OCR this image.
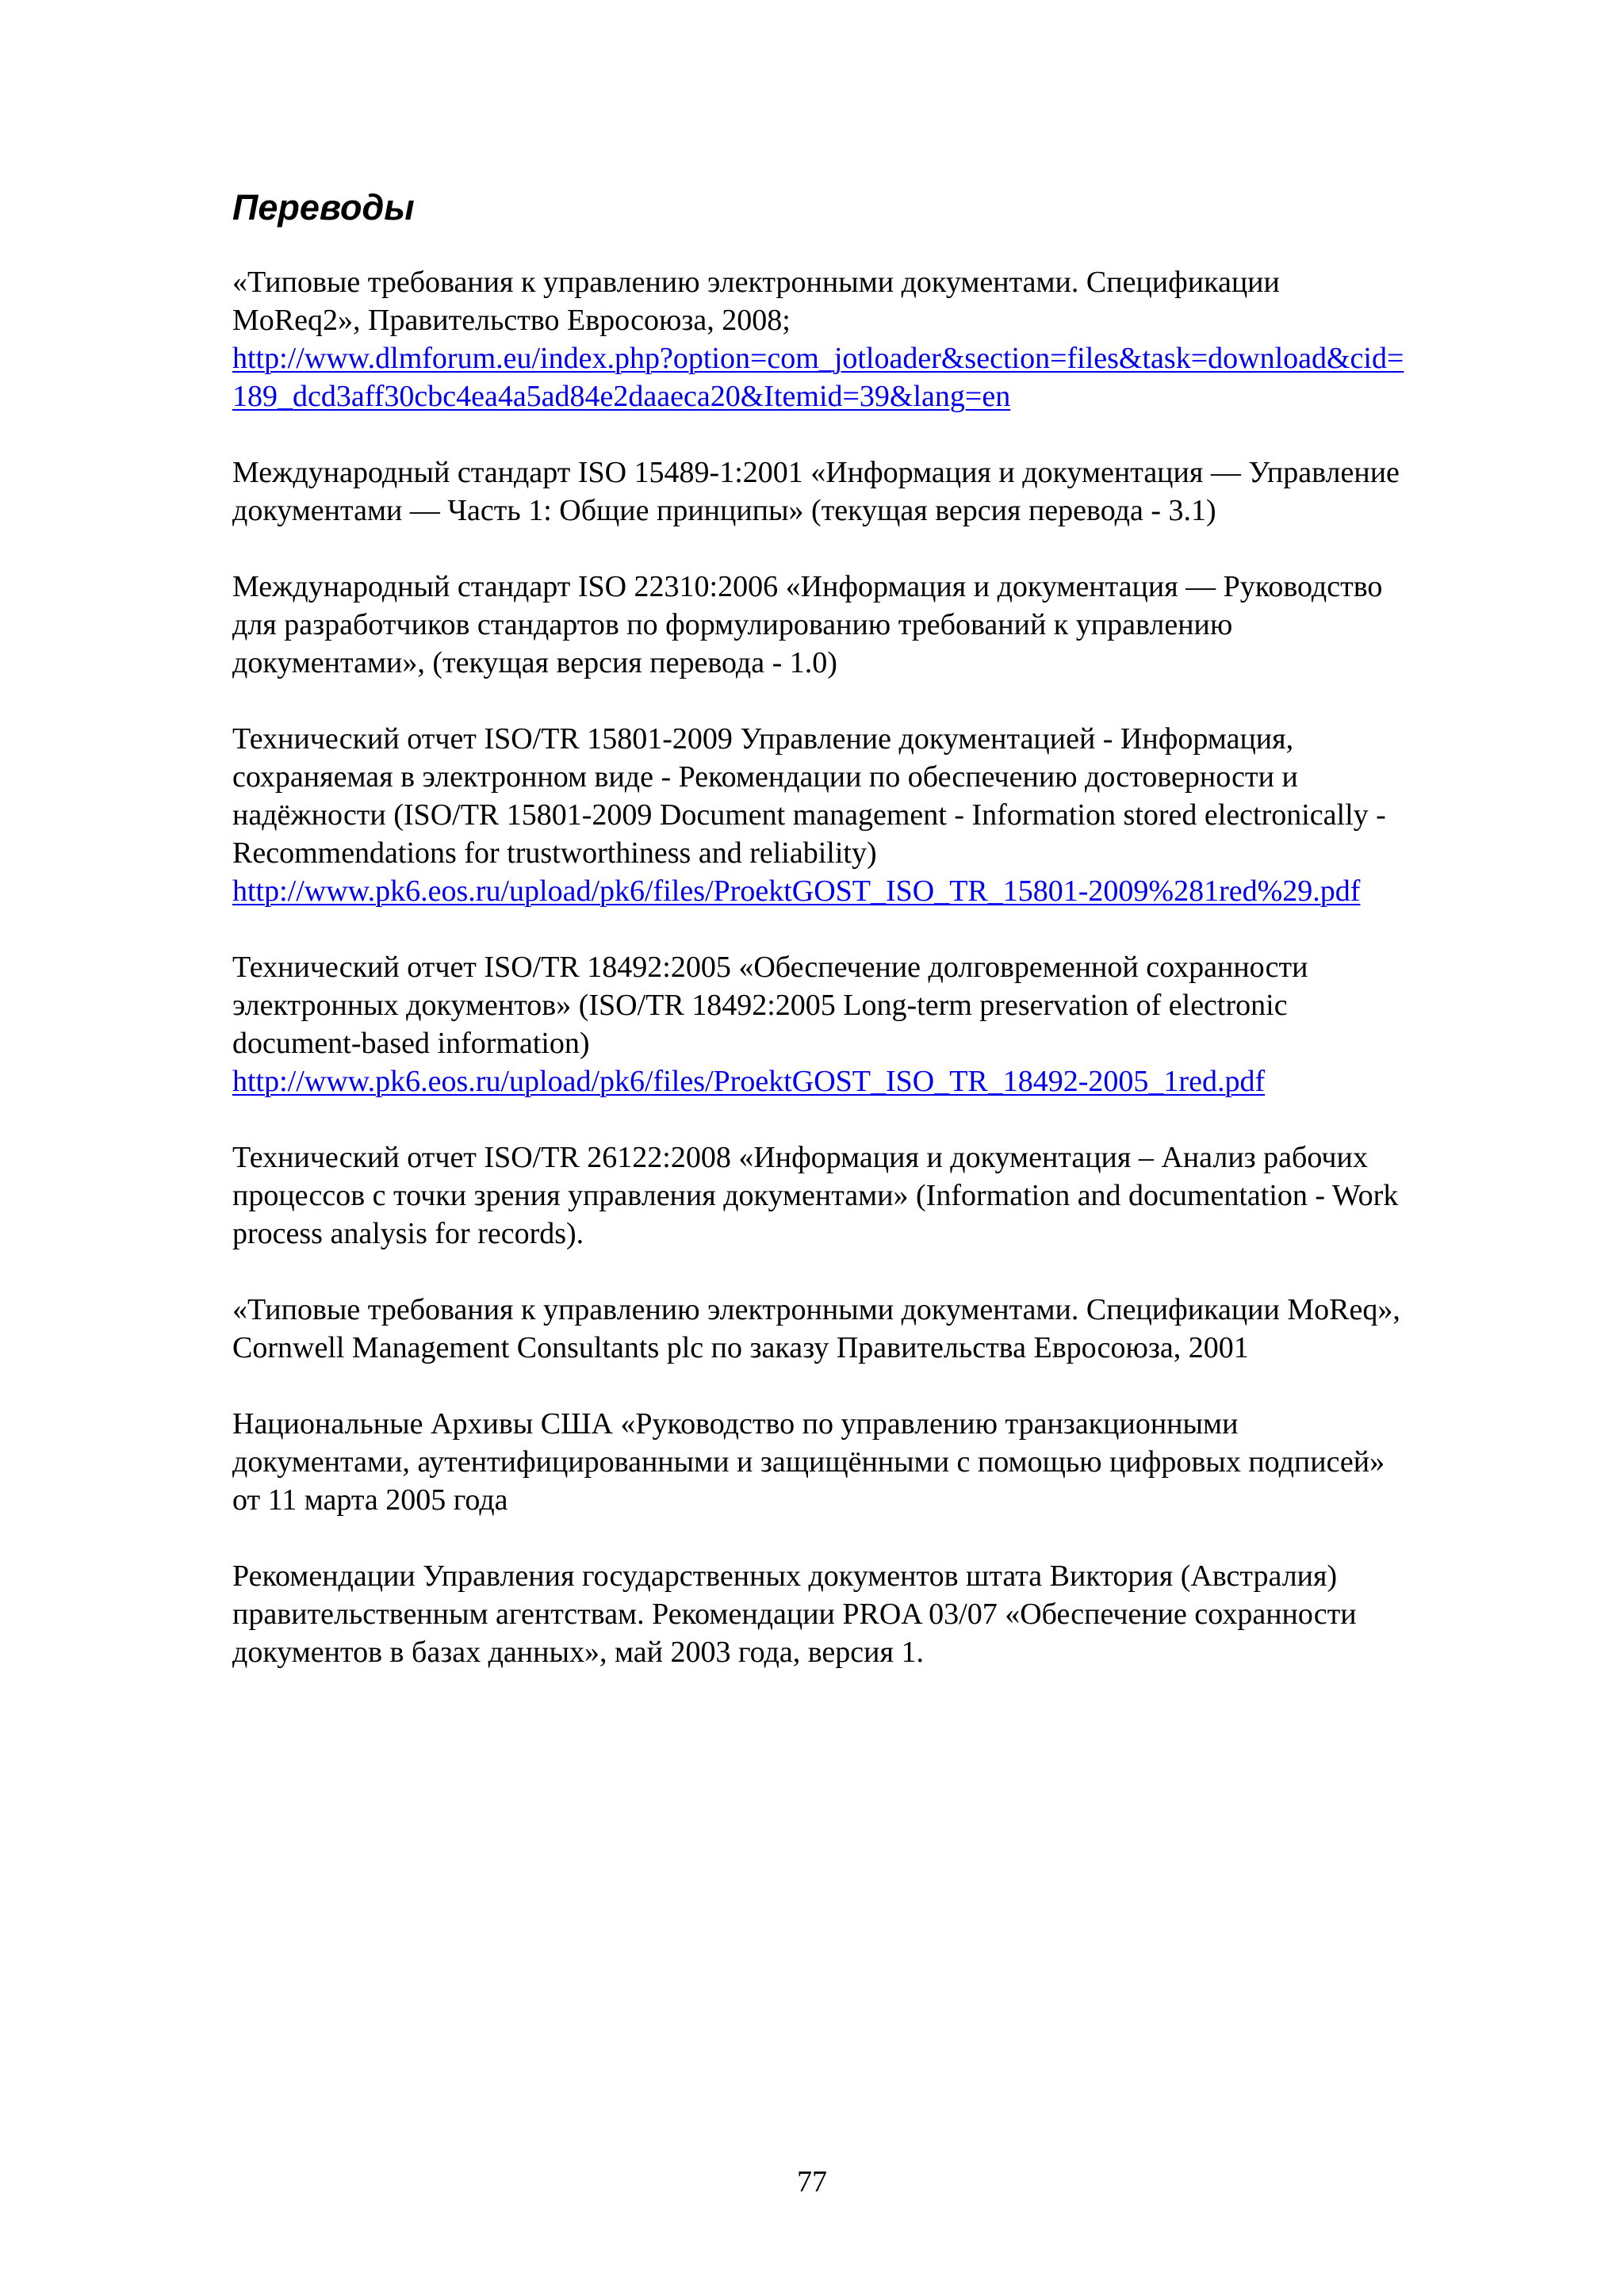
Переводы
«Типовые требования к управлению электронными документами. Спецификации
MoReq2», Правительство Евросоюза, 2008;
http://www.dlmforum.eu/index.php?option=com_jotloader&section=files&task=download&cid=
189_dcd3aff30cbc4ea4a5ad84e2daaeca20&Itemid=39&lang=en
Международный стандарт ISO 15489-1:2001 «Информация и документация — Управление
документами — Часть 1: Общие принципы» (текущая версия перевода - 3.1)
Международный стандарт ISO 22310:2006 «Информация и документация — Руководство
для разработчиков стандартов по формулированию требований к управлению
документами», (текущая версия перевода - 1.0)
Технический отчет ISO/TR 15801-2009 Управление документацией - Информация,
сохраняемая в электронном виде - Рекомендации по обеспечению достоверности и
надёжности (ISO/TR 15801-2009 Document management - Information stored electronically -
Recommendations for trustworthiness and reliability)
http://www.pk6.eos.ru/upload/pk6/files/ProektGOST_ISO_TR_15801-2009%281red%29.pdf
Технический отчет ISO/TR 18492:2005 «Обеспечение долговременной сохранности
электронных документов» (ISO/TR 18492:2005 Long-term preservation of electronic
document-based information)
http://www.pk6.eos.ru/upload/pk6/files/ProektGOST_ISO_TR_18492-2005_1red.pdf
Технический отчет ISO/TR 26122:2008 «Информация и документация – Анализ рабочих
процессов с точки зрения управления документами» (Information and documentation - Work
process analysis for records).
«Типовые требования к управлению электронными документами. Спецификации MoReq»,
Cornwell Management Consultants plc по заказу Правительства Евросоюза, 2001
Национальные Архивы США «Руководство по управлению транзакционными
документами, аутентифицированными и защищёнными с помощью цифровых подписей»
от 11 марта 2005 года
Рекомендации Управления государственных документов штата Виктория (Австралия)
правительственным агентствам. Рекомендации PROA 03/07 «Обеспечение сохранности
документов в базах данных», май 2003 года, версия 1.
77
